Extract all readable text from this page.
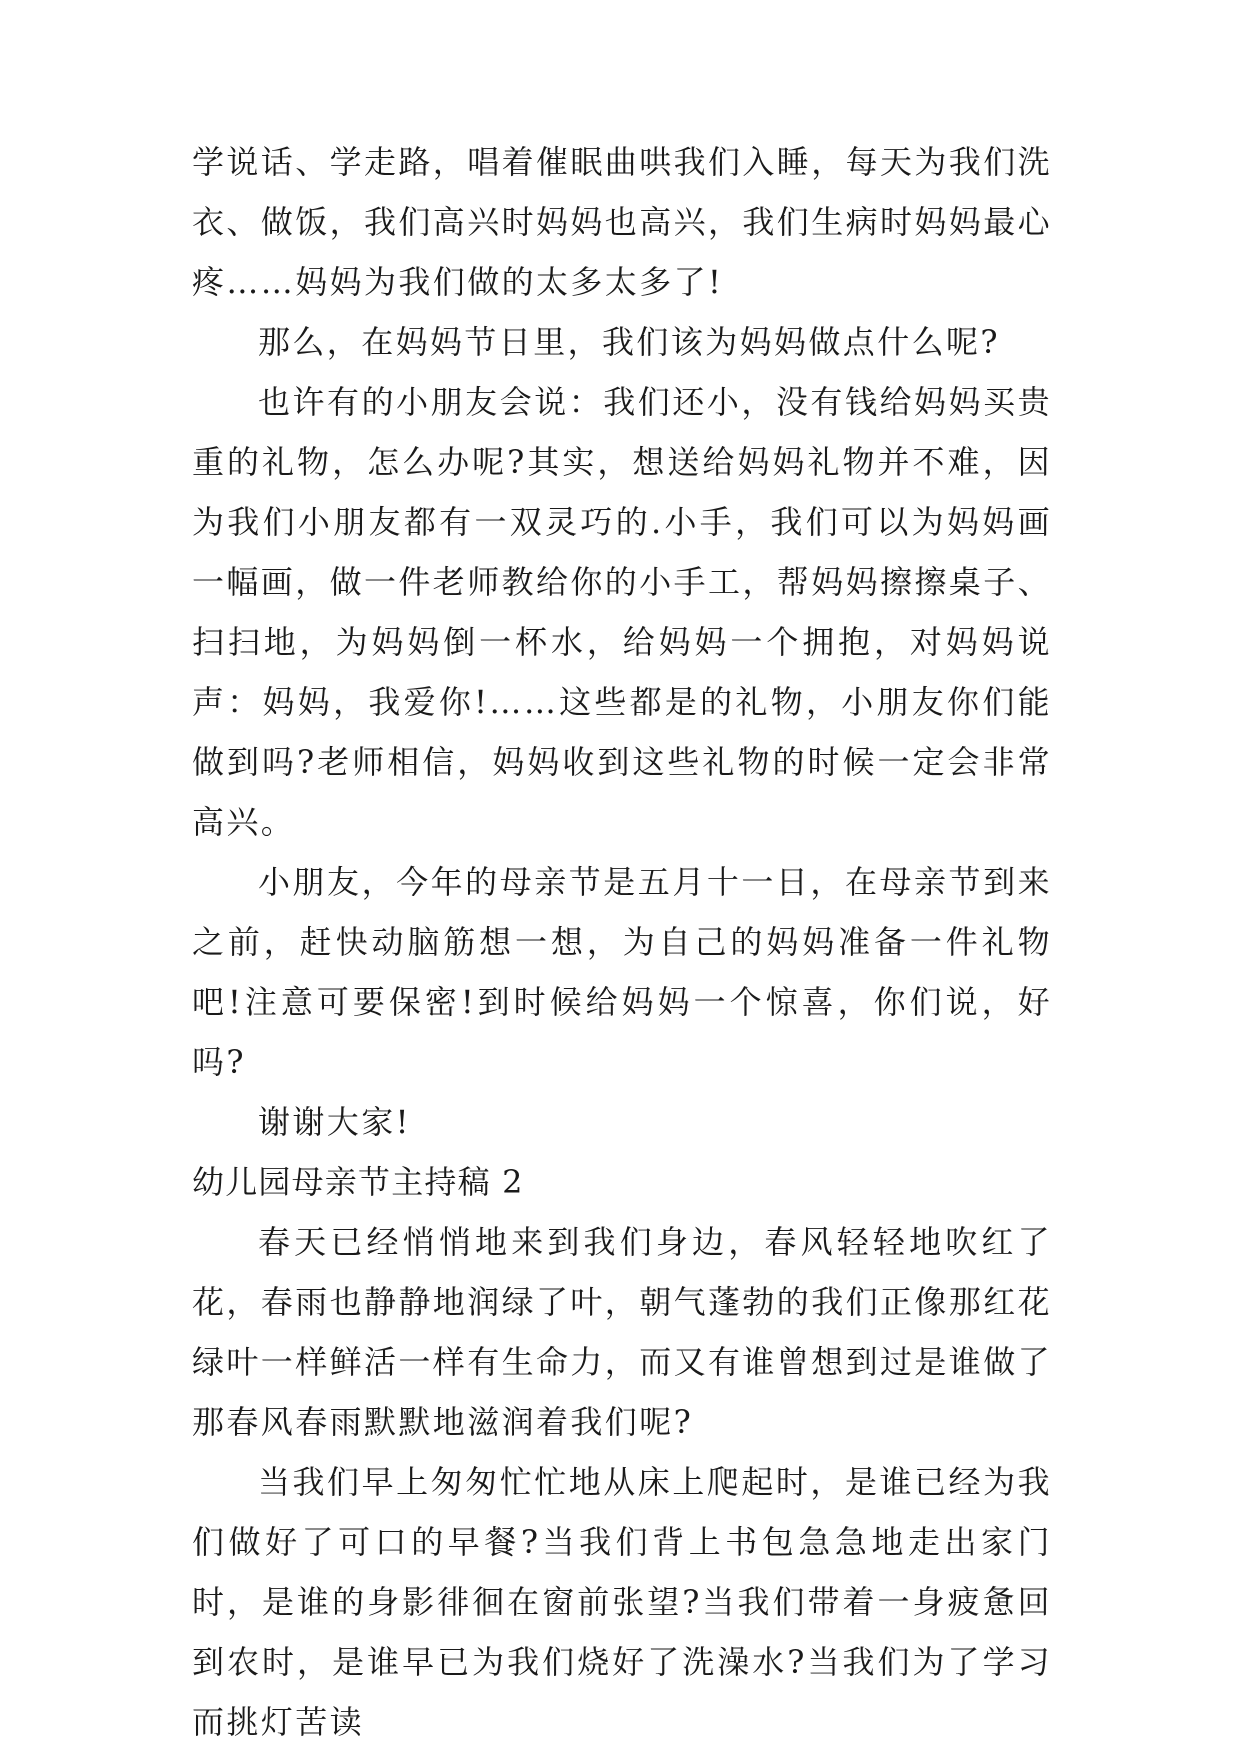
学说话、学走路，唱着催眠曲哄我们入睡，每天为我们洗衣、做饭，我们高兴时妈妈也高兴，我们生病时妈妈最心疼……妈妈为我们做的太多太多了!

那么，在妈妈节日里，我们该为妈妈做点什么呢?

也许有的小朋友会说：我们还小，没有钱给妈妈买贵重的礼物，怎么办呢?其实，想送给妈妈礼物并不难，因为我们小朋友都有一双灵巧的.小手，我们可以为妈妈画一幅画，做一件老师教给你的小手工，帮妈妈擦擦桌子、扫扫地，为妈妈倒一杯水，给妈妈一个拥抱，对妈妈说声：妈妈，我爱你!……这些都是的礼物，小朋友你们能做到吗?老师相信，妈妈收到这些礼物的时候一定会非常高兴。

小朋友，今年的母亲节是五月十一日，在母亲节到来之前，赶快动脑筋想一想，为自己的妈妈准备一件礼物吧!注意可要保密!到时候给妈妈一个惊喜，你们说，好吗?

谢谢大家!

幼儿园母亲节主持稿 2

春天已经悄悄地来到我们身边，春风轻轻地吹红了花，春雨也静静地润绿了叶，朝气蓬勃的我们正像那红花绿叶一样鲜活一样有生命力，而又有谁曾想到过是谁做了那春风春雨默默地滋润着我们呢?

当我们早上匆匆忙忙地从床上爬起时，是谁已经为我们做好了可口的早餐?当我们背上书包急急地走出家门时，是谁的身影徘徊在窗前张望?当我们带着一身疲惫回到农时，是谁早已为我们烧好了洗澡水?当我们为了学习而挑灯苦读
